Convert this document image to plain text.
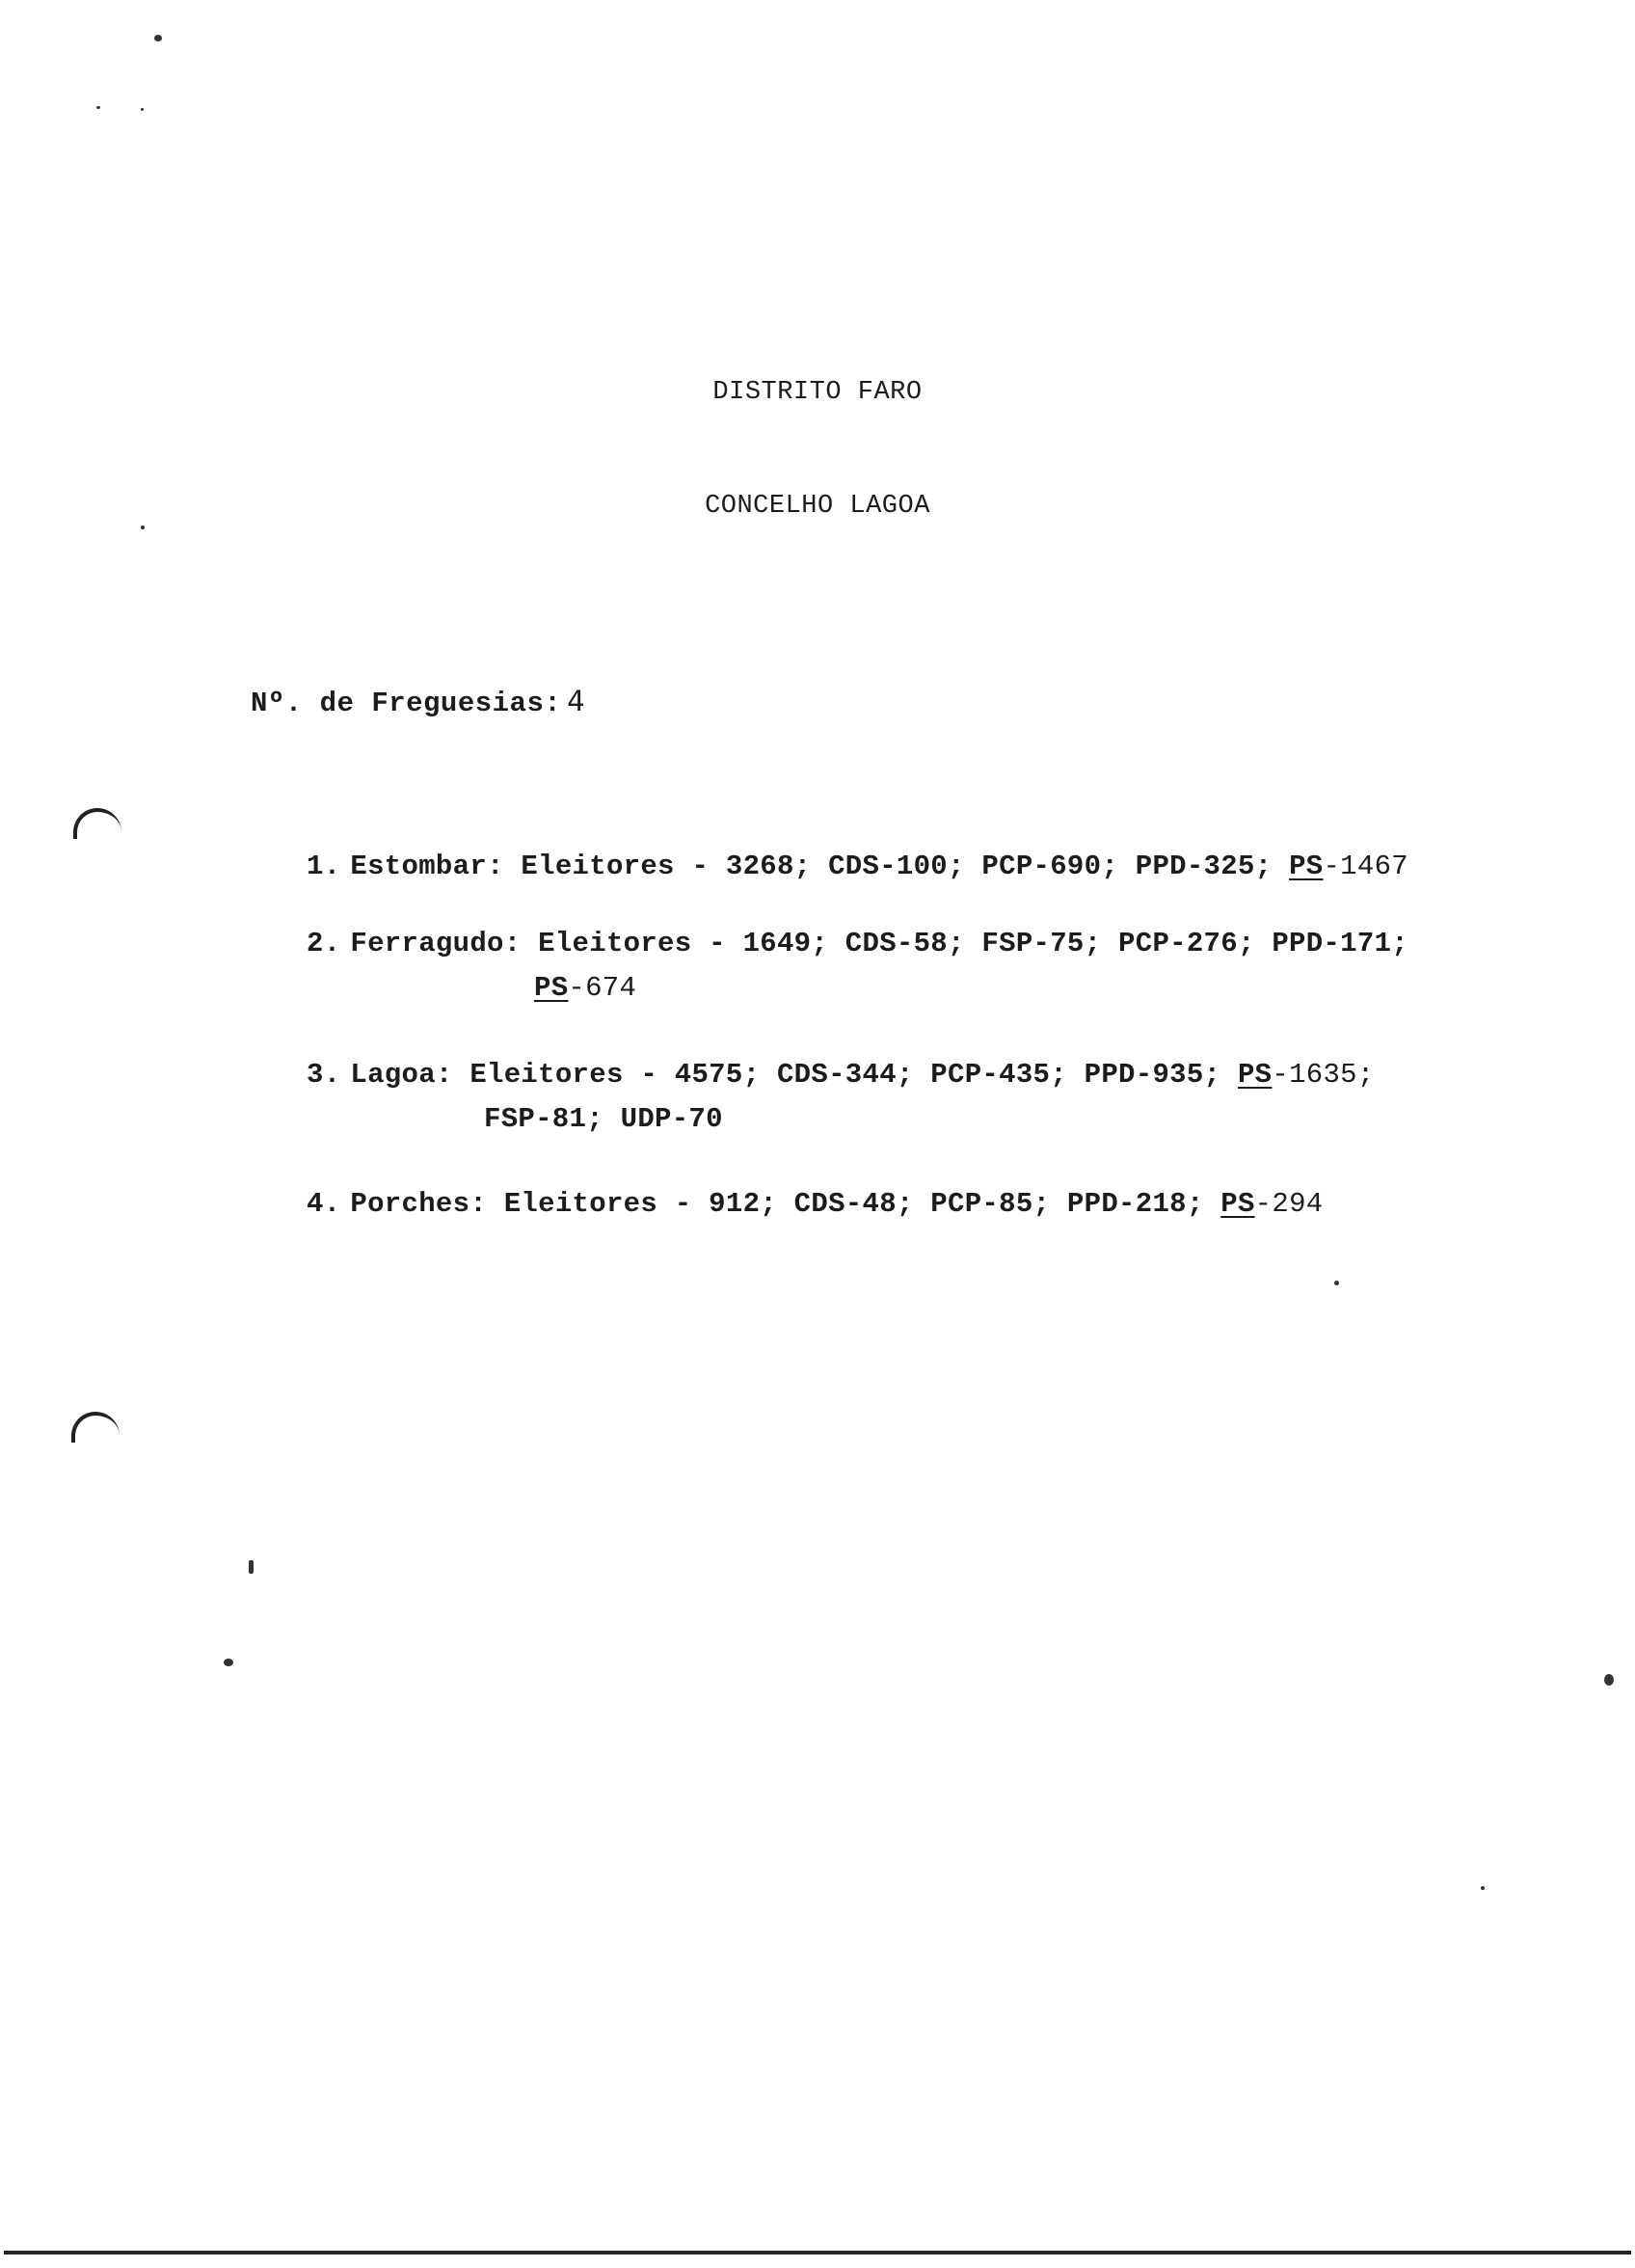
DISTRITO FARO
CONCELHO LAGOA
Nº. de Freguesias: 4
1. Estombar: Eleitores - 3268; CDS-100; PCP-690; PPD-325; PS-1467
2. Ferragudo: Eleitores - 1649; CDS-58; FSP-75; PCP-276; PPD-171;
PS-674
3. Lagoa: Eleitores - 4575; CDS-344; PCP-435; PPD-935; PS-1635;
FSP-81; UDP-70
4. Porches: Eleitores - 912; CDS-48; PCP-85; PPD-218; PS-294
